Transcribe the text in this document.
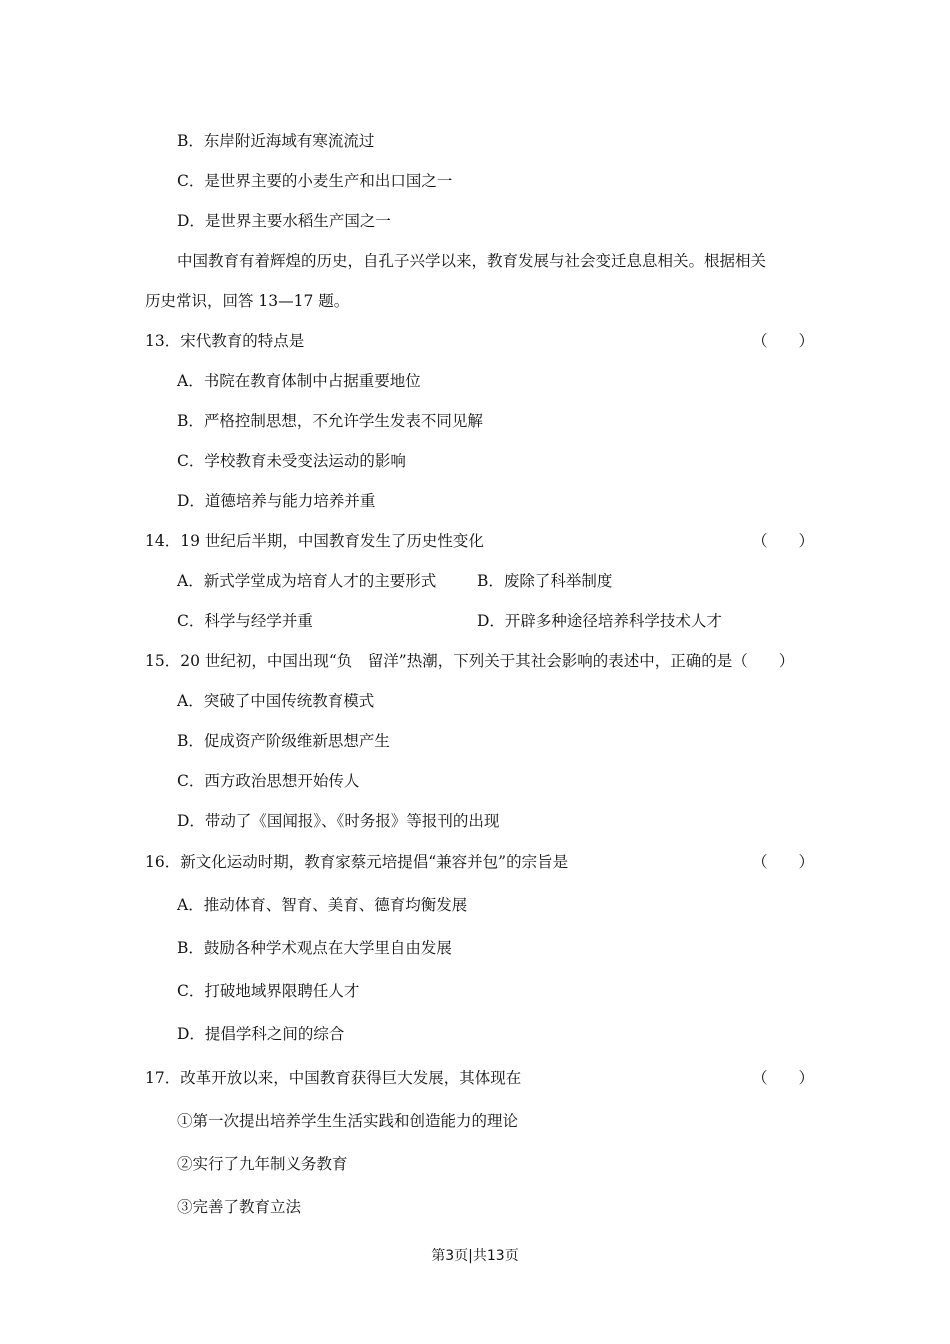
B．东岸附近海域有寒流流过
C．是世界主要的小麦生产和出口国之一
D．是世界主要水稻生产国之一
中国教育有着辉煌的历史，自孔子兴学以来，教育发展与社会变迁息息相关。根据相关
历史常识，回答 13—17 题。
13．宋代教育的特点是	（　　）
A．书院在教育体制中占据重要地位
B．严格控制思想，不允许学生发表不同见解
C．学校教育未受变法运动的影响
D．道德培养与能力培养并重
14．19 世纪后半期，中国教育发生了历史性变化	（　　）
A．新式学堂成为培育人才的主要形式	B．废除了科举制度
C．科学与经学并重	D．开辟多种途径培养科学技术人才
15．20 世纪初，中国出现“负　留洋”热潮，下列关于其社会影响的表述中，正确的是（　　）
A．突破了中国传统教育模式
B．促成资产阶级维新思想产生
C．西方政治思想开始传人
D．带动了《国闻报》、《时务报》等报刊的出现
16．新文化运动时期，教育家蔡元培提倡“兼容并包”的宗旨是	（　　）
A．推动体育、智育、美育、德育均衡发展
B．鼓励各种学术观点在大学里自由发展
C．打破地域界限聘任人才
D．提倡学科之间的综合
17．改革开放以来，中国教育获得巨大发展，其体现在	（　　）
①第一次提出培养学生生活实践和创造能力的理论
②实行了九年制义务教育
③完善了教育立法
第3页|共13页
